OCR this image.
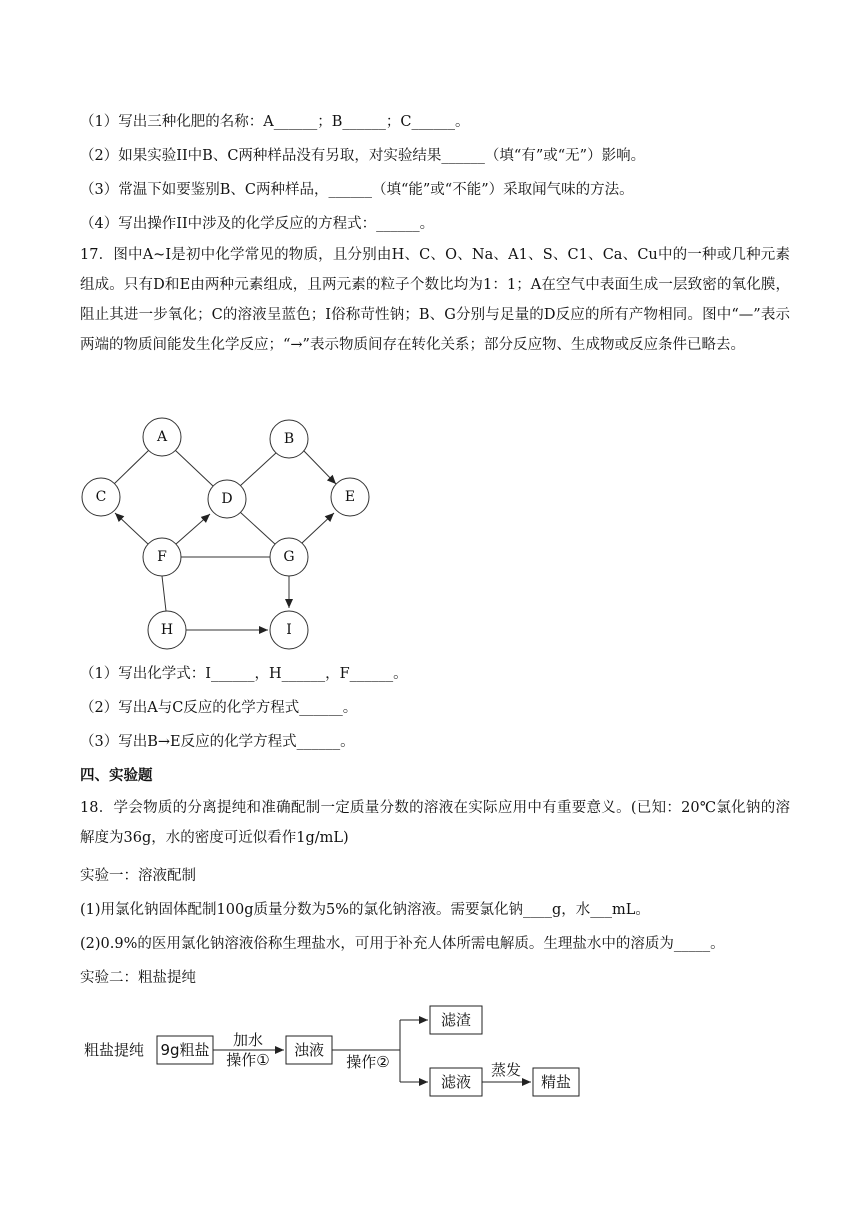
（1）写出三种化肥的名称：A______；B______；C______。
（2）如果实验II中B、C两种样品没有另取，对实验结果______（填“有”或“无”）影响。
（3）常温下如要鉴别B、C两种样品，______（填“能”或“不能”）采取闻气味的方法。
（4）写出操作II中涉及的化学反应的方程式：______。
17．图中A~I是初中化学常见的物质，且分别由H、C、O、Na、A1、S、C1、Ca、Cu中的一种或几种元素组成。只有D和E由两种元素组成，且两元素的粒子个数比均为1：1；A在空气中表面生成一层致密的氧化膜，阻止其进一步氧化；C的溶液呈蓝色；I俗称苛性钠；B、G分别与足量的D反应的所有产物相同。图中“—”表示两端的物质间能发生化学反应；“→”表示物质间存在转化关系；部分反应物、生成物或反应条件已略去。
A	B
C	D	E
F	G
H	I
（1）写出化学式：I______，H______，F______。
（2）写出A与C反应的化学方程式______。
（3）写出B→E反应的化学方程式______。
四、实验题
18．学会物质的分离提纯和准确配制一定质量分数的溶液在实际应用中有重要意义。(已知：20℃氯化钠的溶解度为36g，水的密度可近似看作1g/mL)
实验一：溶液配制
(1)用氯化钠固体配制100g质量分数为5%的氯化钠溶液。需要氯化钠____g，水___mL。
(2)0.9%的医用氯化钠溶液俗称生理盐水，可用于补充人体所需电解质。生理盐水中的溶质为_____。
实验二：粗盐提纯
粗盐提纯 9g粗盐
加水
操作①
浊液
操作②
滤渣
滤液
蒸发
精盐
